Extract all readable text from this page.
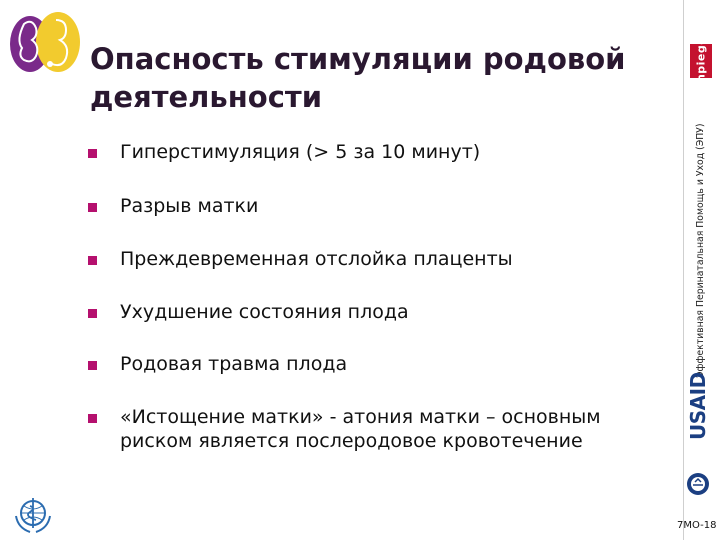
Опасность стимуляции родовой деятельности
Гиперстимуляция (> 5 за 10 минут)
Разрыв матки
Преждевременная отслойка плаценты
Ухудшение состояния плода
Родовая травма плода
«Истощение матки» - атония матки – основным риском является послеродовое кровотечение
jhpiego
Эффективная Перинатальная Помощь и Уход (ЭПУ)
USAID
7MO-18
